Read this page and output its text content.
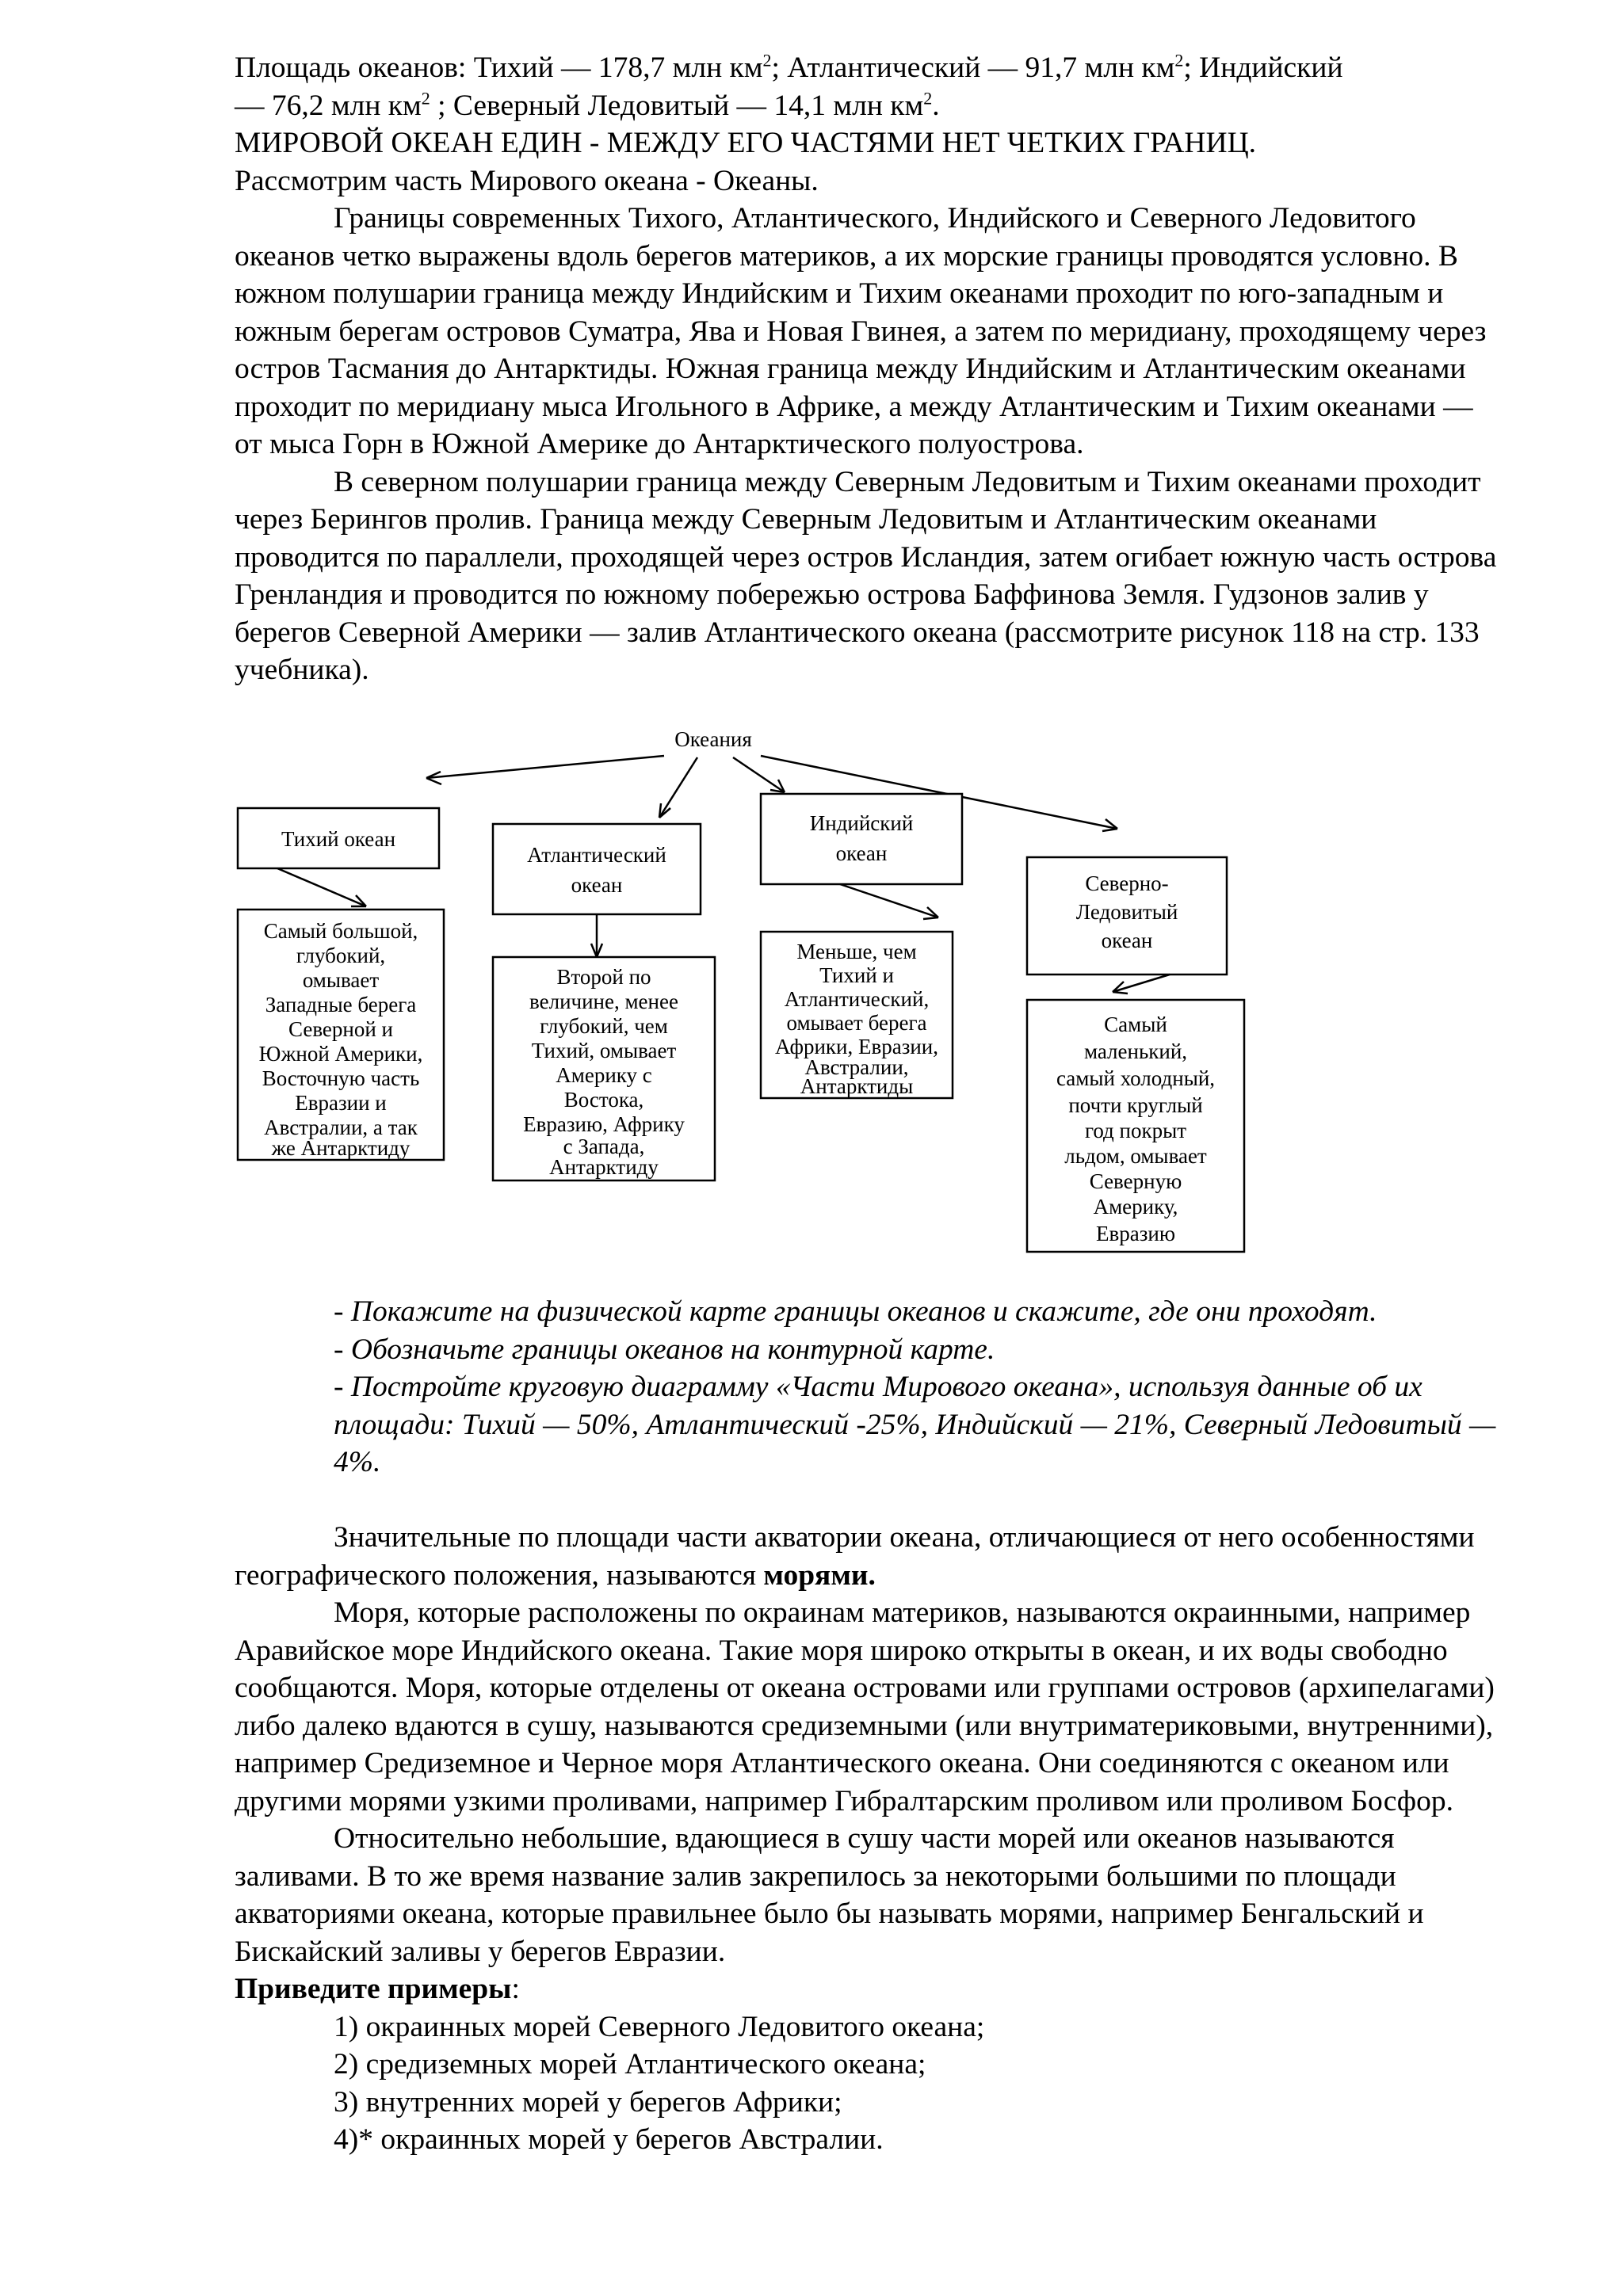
Площадь океанов: Тихий — 178,7 млн $км^2$; Атлантический — 91,7 млн $км^2$; Индийский

— 76,2 млн $км^2$ ; Северный Ледовитый — 14,1 млн $км^2$.

МИРОВОЙ ОКЕАН ЕДИН - МЕЖДУ ЕГО ЧАСТЯМИ НЕТ ЧЕТКИХ ГРАНИЦ.

Рассмотрим часть Мирового океана - Океаны.

Границы современных Тихого, Атлантического, Индийского и Северного Ледовитого океанов четко выражены вдоль берегов материков, а их морские границы проводятся условно. В южном полушарии граница между Индийским и Тихим океанами проходит по юго-западным и южным берегам островов Суматра, Ява и Новая Гвинея, а затем по меридиану, проходящему через остров Тасмания до Антарктиды. Южная граница между Индийским и Атлантическим океанами проходит по меридиану мыса Игольного в Африке, а между Атлантическим и Тихим океанами — от мыса Горн в Южной Америке до Антарктического полуострова.

В северном полушарии граница между Северным Ледовитым и Тихим океанами проходит через Берингов пролив. Граница между Северным Ледовитым и Атлантическим океанами проводится по параллели, проходящей через остров Исландия, затем огибает южную часть острова Гренландия и проводится по южному побережью острова Баффинова Земля. Гудзонов залив у берегов Северной Америки — залив Атлантического океана (рассмотрите рисунок 118 на стр. 133 учебника).

Океания
Тихий океан
Самый большой,
глубокий,
омывает
Западные берега
Северной и
Южной Америки,
Восточную часть
Евразии и
Австралии, а так
же Антарктиду
Атлантический
океан
Второй по
величине, менее
глубокий, чем
Тихий, омывает
Америку с
Востока,
Евразию, Африку
с Запада,
Антарктиду
Индийский
океан
Меньше, чем
Тихий и
Атлантический,
омывает берега
Африки, Евразии,
Австралии,
Антарктиды
Северно-
Ледовитый
океан
Самый
маленький,
самый холодный,
почти круглый
год покрыт
льдом, омывает
Северную
Америку,
Евразию

- Покажите на физической карте границы океанов и скажите, где они проходят.

- Обозначьте границы океанов на контурной карте.

- Постройте круговую диаграмму «Части Мирового океана», используя данные об их площади: Тихий — 50%, Атлантический -25%, Индийский — 21%, Северный Ледовитый — 4%.

Значительные по площади части акватории океана, отличающиеся от него особенностями географического положения, называются морями.

Моря, которые расположены по окраинам материков, называются окраинными, например Аравийское море Индийского океана. Такие моря широко открыты в океан, и их воды свободно сообщаются. Моря, которые отделены от океана островами или группами островов (архипелагами) либо далеко вдаются в сушу, называются средиземными (или внутриматериковыми, внутренними), например Средиземное и Черное моря Атлантического океана. Они соединяются с океаном или другими морями узкими проливами, например Гибралтарским проливом или проливом Босфор.

Относительно небольшие, вдающиеся в сушу части морей или океанов называются заливами. В то же время название залив закрепилось за некоторыми большими по площади акваториями океана, которые правильнее было бы называть морями, например Бенгальский и Бискайский заливы у берегов Евразии.

Приведите примеры:

1) окраинных морей Северного Ледовитого океана;

2) средиземных морей Атлантического океана;

3) внутренних морей у берегов Африки;

4)* окраинных морей у берегов Австралии.
